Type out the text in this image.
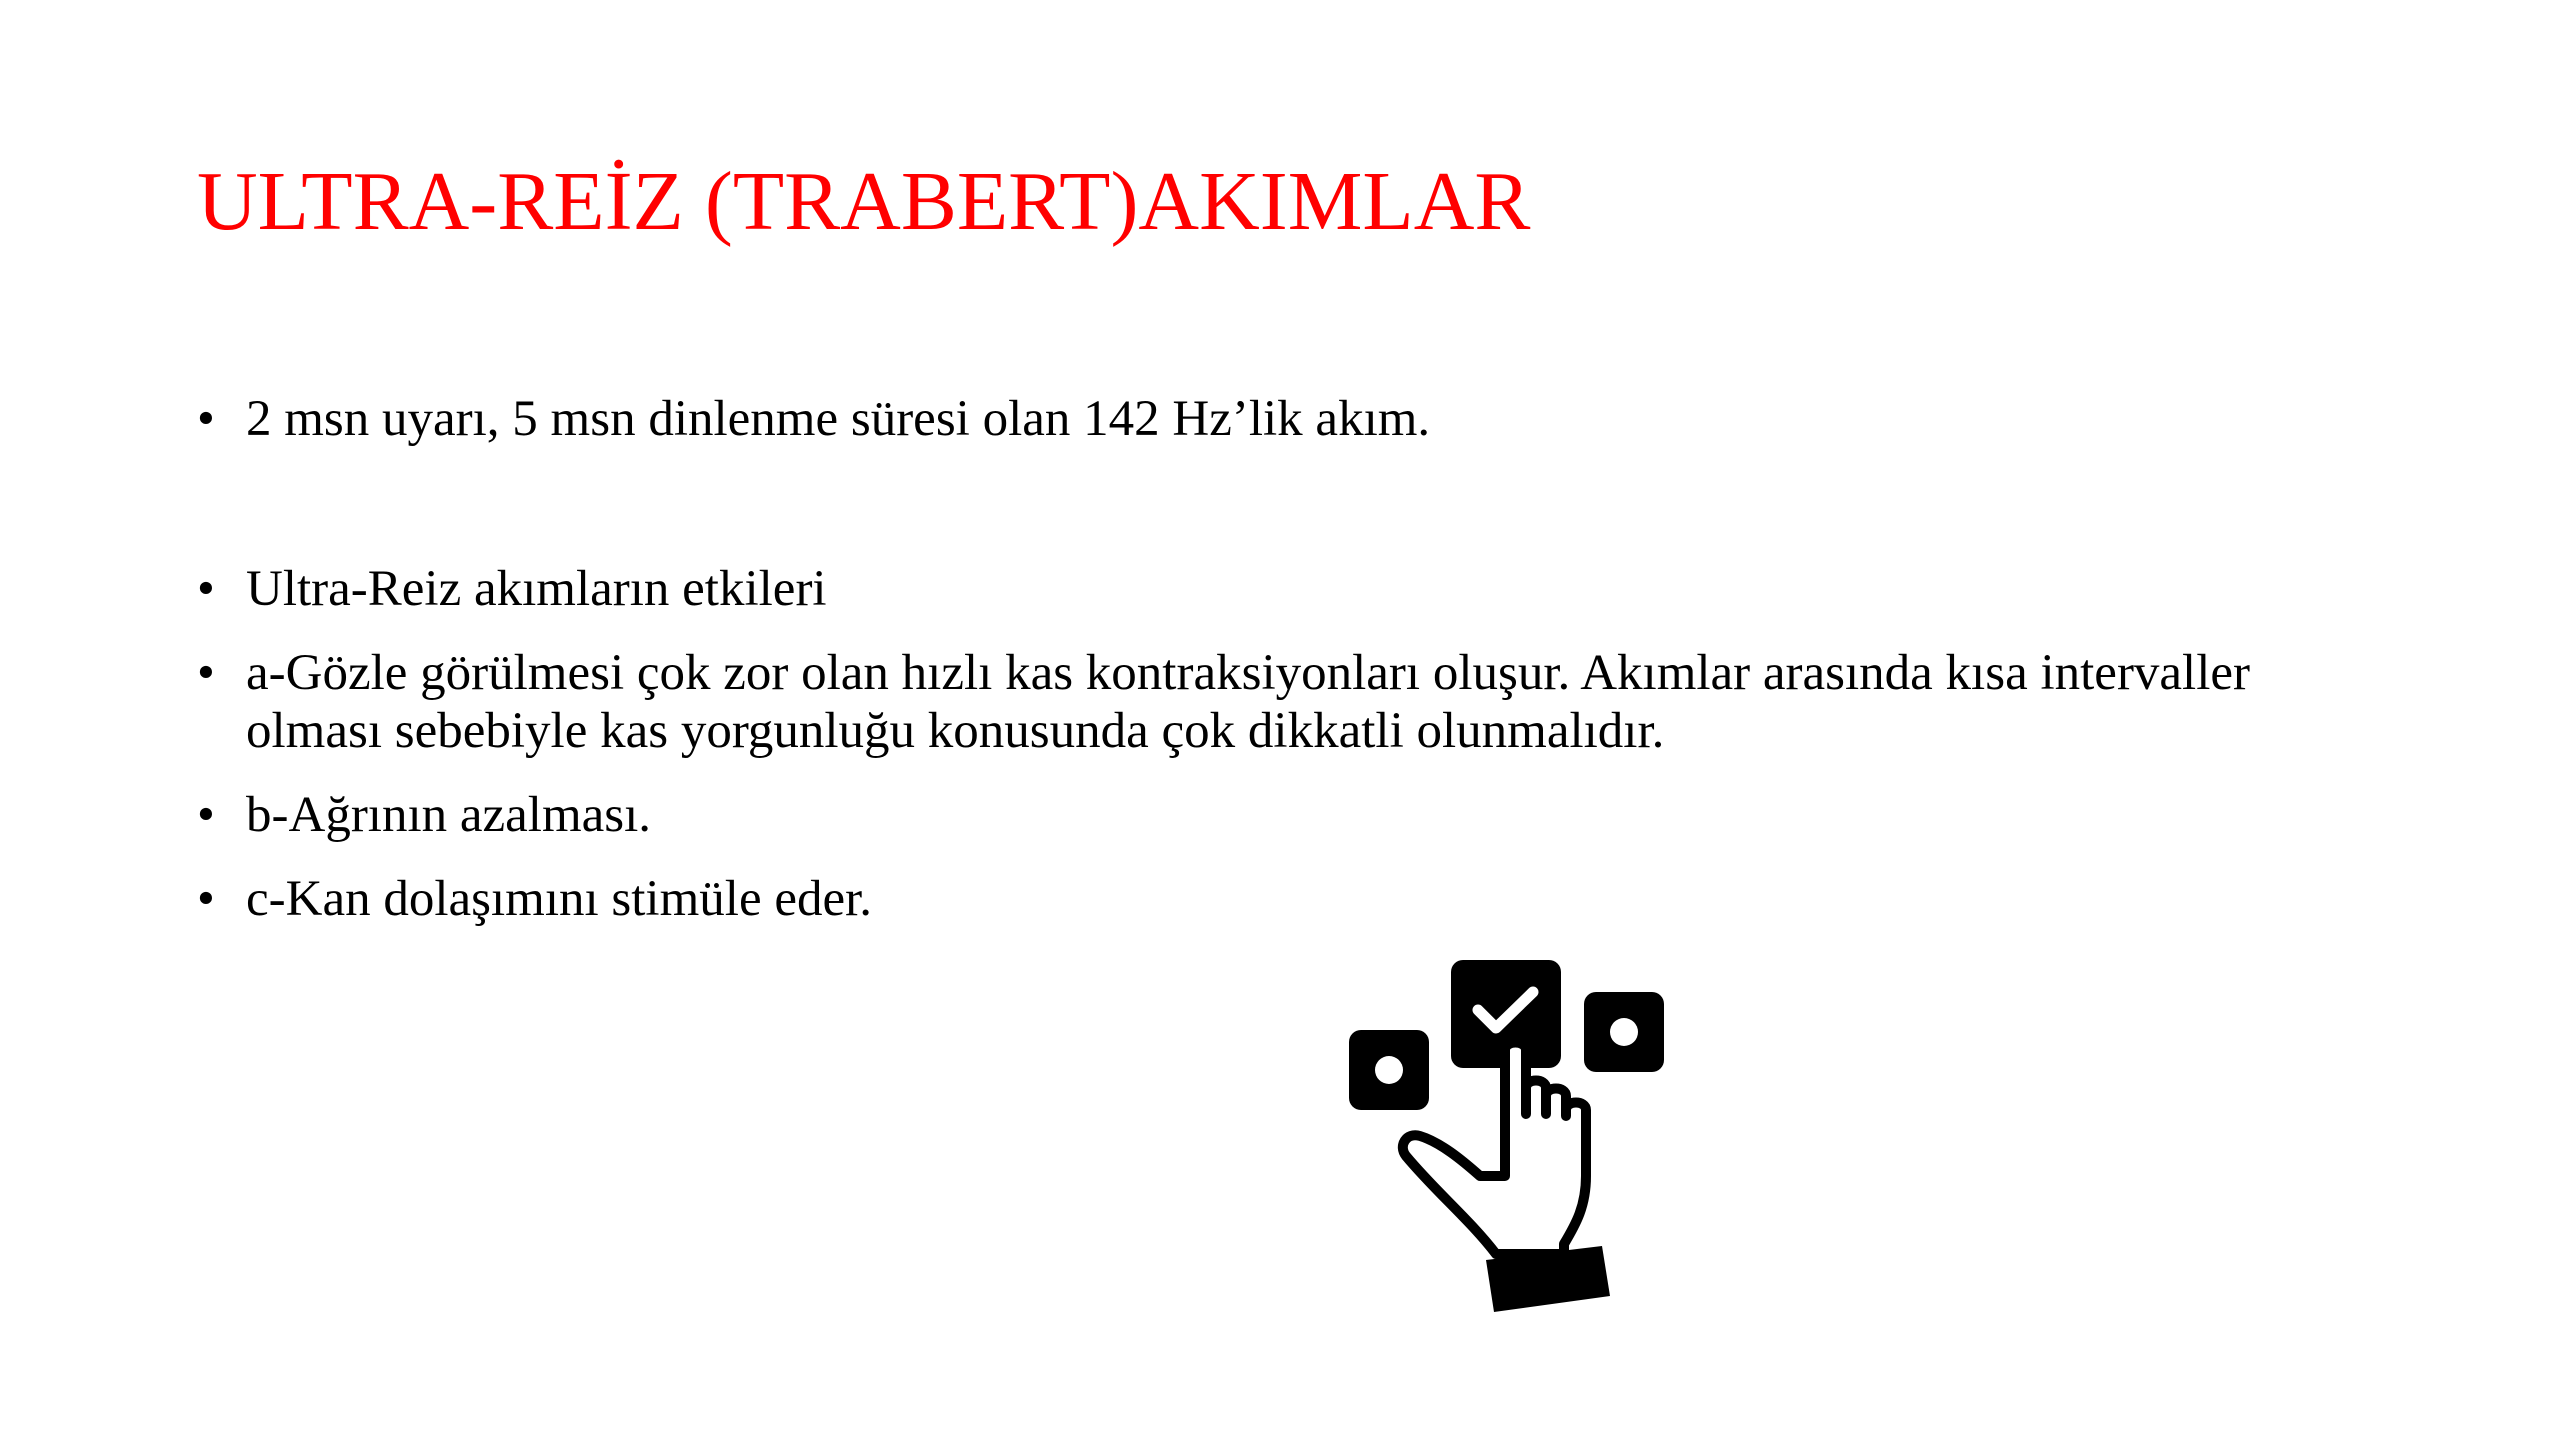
ULTRA-REİZ (TRABERT)AKIMLAR
• 2 msn uyarı, 5 msn dinlenme süresi olan 142 Hz’lik akım.
• Ultra-Reiz akımların etkileri
• a-Gözle görülmesi çok zor olan hızlı kas kontraksiyonları oluşur. Akımlar arasında kısa intervaller olması sebebiyle kas yorgunluğu konusunda çok dikkatli olunmalıdır.
• b-Ağrının azalması.
• c-Kan dolaşımını stimüle eder.
